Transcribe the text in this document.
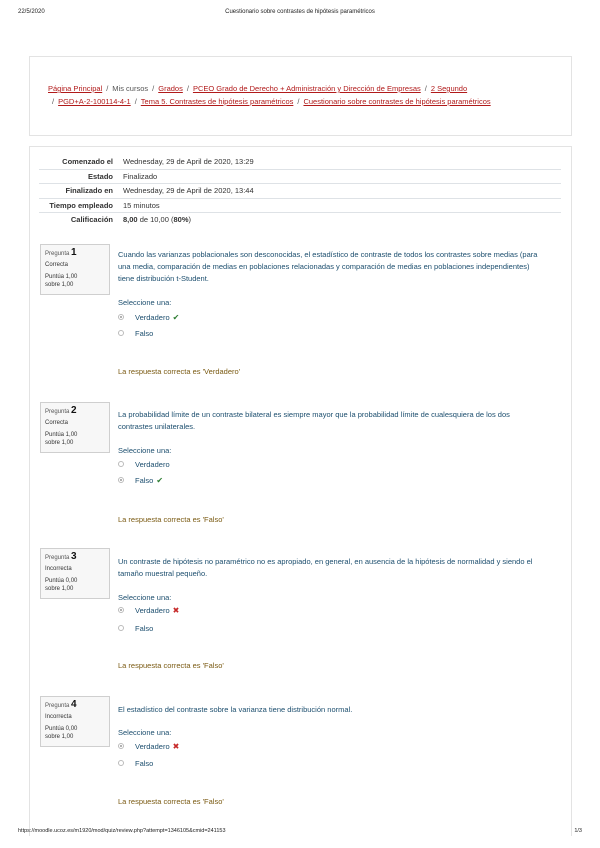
22/5/2020	Cuestionario sobre contrastes de hipótesis paramétricos
Página Principal / Mis cursos / Grados / PCEO Grado de Derecho + Administración y Dirección de Empresas / 2 Segundo
/ PGD+A-2-100114-4-1 / Tema 5. Contrastes de hipótesis paramétricos / Cuestionario sobre contrastes de hipótesis paramétricos
Comenzado el	Wednesday, 29 de April de 2020, 13:29
Estado	Finalizado
Finalizado en	Wednesday, 29 de April de 2020, 13:44
Tiempo empleado	15 minutos
Calificación	8,00 de 10,00 (80%)
Pregunta 1
Correcta
Puntúa 1,00
sobre 1,00
Cuando las varianzas poblacionales son desconocidas, el estadístico de contraste de todos los contrastes sobre medias (para una media, comparación de medias en poblaciones relacionadas y comparación de medias en poblaciones independientes) tiene distribución t-Student.
Seleccione una:
Verdadero ✔
Falso
La respuesta correcta es 'Verdadero'
Pregunta 2
Correcta
Puntúa 1,00
sobre 1,00
La probabilidad límite de un contraste bilateral es siempre mayor que la probabilidad límite de cualesquiera de los dos contrastes unilaterales.
Seleccione una:
Verdadero
Falso ✔
La respuesta correcta es 'Falso'
Pregunta 3
Incorrecta
Puntúa 0,00
sobre 1,00
Un contraste de hipótesis no paramétrico no es apropiado, en general, en ausencia de la hipótesis de normalidad y siendo el tamaño muestral pequeño.
Seleccione una:
Verdadero ✖
Falso
La respuesta correcta es 'Falso'
Pregunta 4
Incorrecta
Puntúa 0,00
sobre 1,00
El estadístico del contraste sobre la varianza tiene distribución normal.
Seleccione una:
Verdadero ✖
Falso
La respuesta correcta es 'Falso'
https://moodle.ucoz.es/m1920/mod/quiz/review.php?attempt=1346105&cmid=241153	1/3
